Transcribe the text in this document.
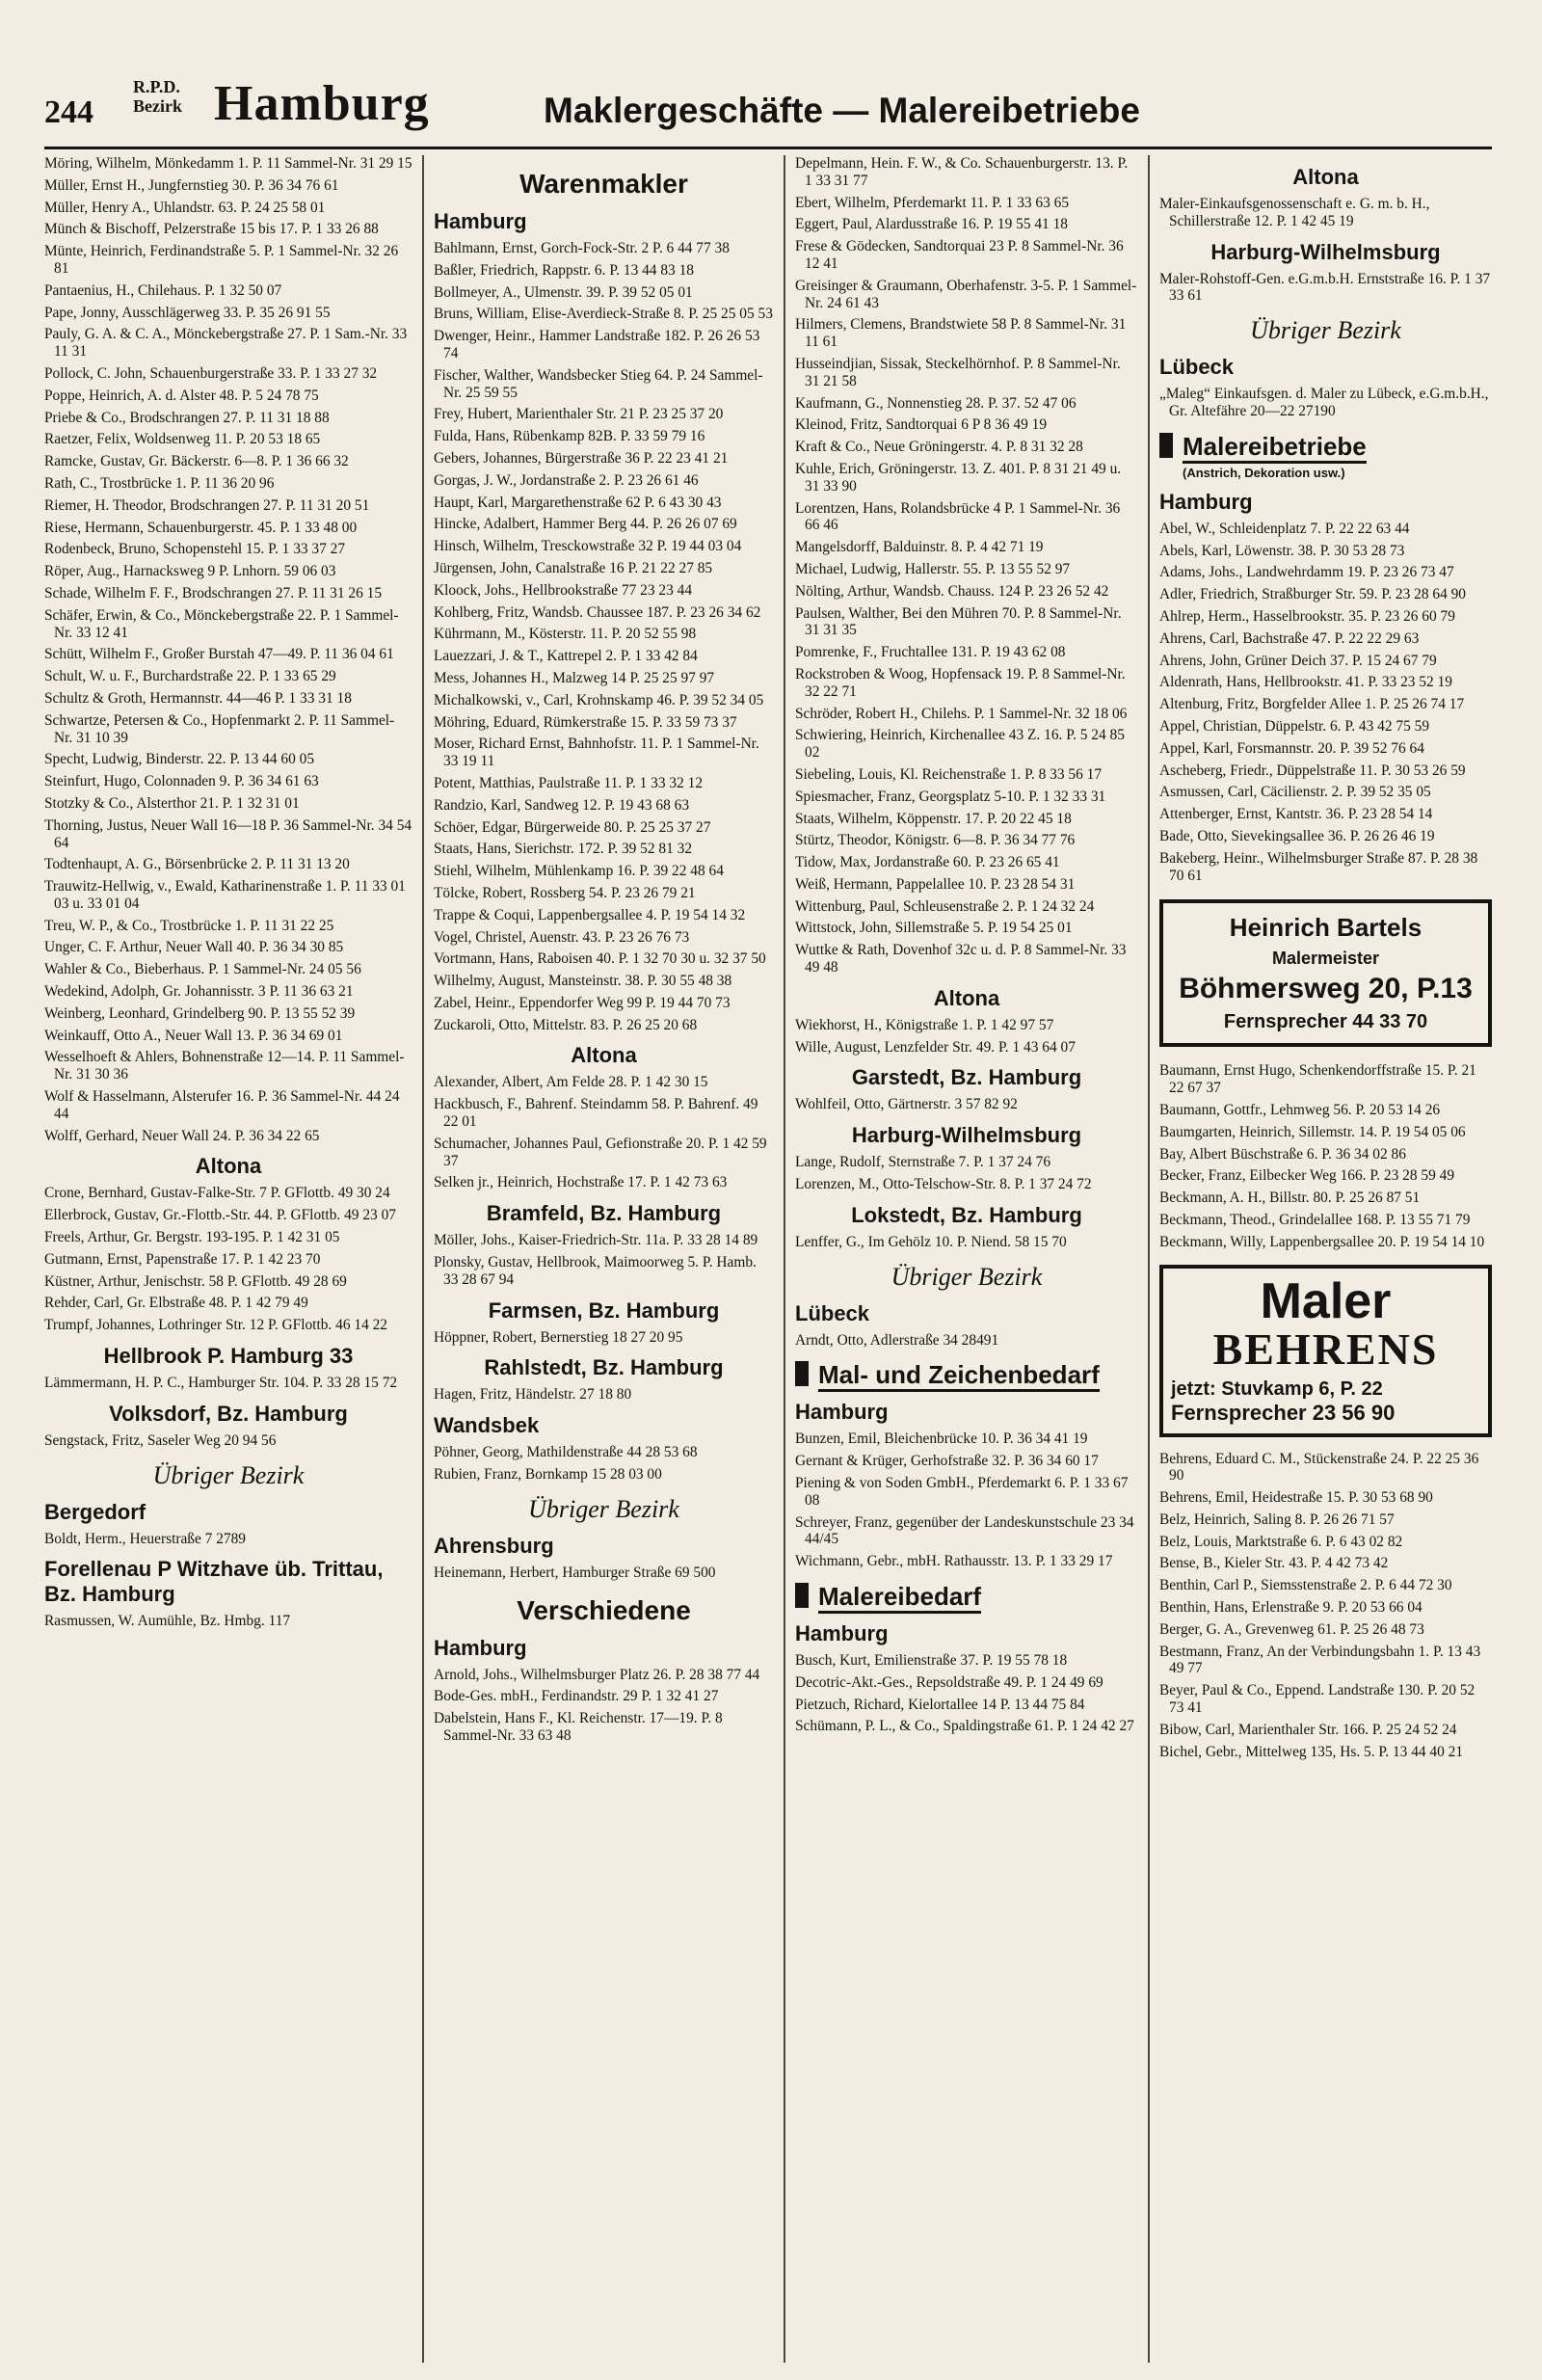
244
R.P.D.
Bezirk Hamburg	Maklergeschäfte — Malereibetriebe
Möring, Wilhelm, Mönkedamm 1. P. 11 Sammel-Nr. 31 29 15
Müller, Ernst H., Jungfernstieg 30. P. 36 34 76 61
Müller, Henry A., Uhlandstr. 63. P. 24 25 58 01
Münch & Bischoff, Pelzerstraße 15 bis 17. P. 1 33 26 88
Münte, Heinrich, Ferdinandstraße 5. P. 1 Sammel-Nr. 32 26 81
Pantaenius, H., Chilehaus. P. 1 32 50 07
Pape, Jonny, Ausschlägerweg 33. P. 35 26 91 55
Pauly, G. A. & C. A., Mönckebergstraße 27. P. 1 Sam.-Nr. 33 11 31
Pollock, C. John, Schauenburgerstraße 33. P. 1 33 27 32
Poppe, Heinrich, A. d. Alster 48. P. 5 24 78 75
Priebe & Co., Brodschrangen 27. P. 11 31 18 88
Raetzer, Felix, Woldsenweg 11. P. 20 53 18 65
Ramcke, Gustav, Gr. Bäckerstr. 6—8. P. 1 36 66 32
Rath, C., Trostbrücke 1. P. 11 36 20 96
Riemer, H. Theodor, Brodschrangen 27. P. 11 31 20 51
Riese, Hermann, Schauenburgerstr. 45. P. 1 33 48 00
Rodenbeck, Bruno, Schopenstehl 15. P. 1 33 37 27
Röper, Aug., Harnacksweg 9 P. Lnhorn. 59 06 03
Schade, Wilhelm F. F., Brodschrangen 27. P. 11 31 26 15
Schäfer, Erwin, & Co., Mönckebergstraße 22. P. 1 Sammel-Nr. 33 12 41
Schütt, Wilhelm F., Großer Burstah 47—49. P. 11 36 04 61
Schult, W. u. F., Burchardstraße 22. P. 1 33 65 29
Schultz & Groth, Hermannstr. 44—46 P. 1 33 31 18
Schwartze, Petersen & Co., Hopfenmarkt 2. P. 11 Sammel-Nr. 31 10 39
Specht, Ludwig, Binderstr. 22. P. 13 44 60 05
Steinfurt, Hugo, Colonnaden 9. P. 36 34 61 63
Stotzky & Co., Alsterthor 21. P. 1 32 31 01
Thorning, Justus, Neuer Wall 16—18 P. 36 Sammel-Nr. 34 54 64
Todtenhaupt, A. G., Börsenbrücke 2. P. 11 31 13 20
Trauwitz-Hellwig, v., Ewald, Katharinenstraße 1. P. 11 33 01 03 u. 33 01 04
Treu, W. P., & Co., Trostbrücke 1. P. 11 31 22 25
Unger, C. F. Arthur, Neuer Wall 40. P. 36 34 30 85
Wahler & Co., Bieberhaus. P. 1 Sammel-Nr. 24 05 56
Wedekind, Adolph, Gr. Johannisstr. 3 P. 11 36 63 21
Weinberg, Leonhard, Grindelberg 90. P. 13 55 52 39
Weinkauff, Otto A., Neuer Wall 13. P. 36 34 69 01
Wesselhoeft & Ahlers, Bohnenstraße 12—14. P. 11 Sammel-Nr. 31 30 36
Wolf & Hasselmann, Alsterufer 16. P. 36 Sammel-Nr. 44 24 44
Wolff, Gerhard, Neuer Wall 24. P. 36 34 22 65
Altona
Crone, Bernhard, Gustav-Falke-Str. 7 P. GFlottb. 49 30 24
Ellerbrock, Gustav, Gr.-Flottb.-Str. 44. P. GFlottb. 49 23 07
Freels, Arthur, Gr. Bergstr. 193-195. P. 1 42 31 05
Gutmann, Ernst, Papenstraße 17. P. 1 42 23 70
Küstner, Arthur, Jenischstr. 58 P. GFlottb. 49 28 69
Rehder, Carl, Gr. Elbstraße 48. P. 1 42 79 49
Trumpf, Johannes, Lothringer Str. 12 P. GFlottb. 46 14 22
Hellbrook P. Hamburg 33
Lämmermann, H. P. C., Hamburger Str. 104. P. 33 28 15 72
Volksdorf, Bz. Hamburg
Sengstack, Fritz, Saseler Weg 20 94 56
Übriger Bezirk
Bergedorf
Boldt, Herm., Heuerstraße 7 2789
Forellenau P Witzhave üb. Trittau, Bz. Hamburg
Rasmussen, W. Aumühle, Bz. Hmbg. 117
Warenmakler
Hamburg
Bahlmann, Ernst, Gorch-Fock-Str. 2 P. 6 44 77 38
Baßler, Friedrich, Rappstr. 6. P. 13 44 83 18
Bollmeyer, A., Ulmenstr. 39. P. 39 52 05 01
Bruns, William, Elise-Averdieck-Straße 8. P. 25 25 05 53
Dwenger, Heinr., Hammer Landstraße 182. P. 26 26 53 74
Fischer, Walther, Wandsbecker Stieg 64. P. 24 Sammel-Nr. 25 59 55
Frey, Hubert, Marienthaler Str. 21 P. 23 25 37 20
Fulda, Hans, Rübenkamp 82B. P. 33 59 79 16
Gebers, Johannes, Bürgerstraße 36 P. 22 23 41 21
Gorgas, J. W., Jordanstraße 2. P. 23 26 61 46
Haupt, Karl, Margarethenstraße 62 P. 6 43 30 43
Hincke, Adalbert, Hammer Berg 44. P. 26 26 07 69
Hinsch, Wilhelm, Tresckowstraße 32 P. 19 44 03 04
Jürgensen, John, Canalstraße 16 P. 21 22 27 85
Kloock, Johs., Hellbrookstraße 77 23 23 44
Kohlberg, Fritz, Wandsb. Chaussee 187. P. 23 26 34 62
Kührmann, M., Kösterstr. 11. P. 20 52 55 98
Lauezzari, J. & T., Kattrepel 2. P. 1 33 42 84
Mess, Johannes H., Malzweg 14 P. 25 25 97 97
Michalkowski, v., Carl, Krohnskamp 46. P. 39 52 34 05
Möhring, Eduard, Rümkerstraße 15. P. 33 59 73 37
Moser, Richard Ernst, Bahnhofstr. 11. P. 1 Sammel-Nr. 33 19 11
Potent, Matthias, Paulstraße 11. P. 1 33 32 12
Randzio, Karl, Sandweg 12. P. 19 43 68 63
Schöer, Edgar, Bürgerweide 80. P. 25 25 37 27
Staats, Hans, Sierichstr. 172. P. 39 52 81 32
Stiehl, Wilhelm, Mühlenkamp 16. P. 39 22 48 64
Tölcke, Robert, Rossberg 54. P. 23 26 79 21
Trappe & Coqui, Lappenbergsallee 4. P. 19 54 14 32
Vogel, Christel, Auenstr. 43. P. 23 26 76 73
Vortmann, Hans, Raboisen 40. P. 1 32 70 30 u. 32 37 50
Wilhelmy, August, Mansteinstr. 38. P. 30 55 48 38
Zabel, Heinr., Eppendorfer Weg 99 P. 19 44 70 73
Zuckaroli, Otto, Mittelstr. 83. P. 26 25 20 68
Altona
Alexander, Albert, Am Felde 28. P. 1 42 30 15
Hackbusch, F., Bahrenf. Steindamm 58. P. Bahrenf. 49 22 01
Schumacher, Johannes Paul, Gefionstraße 20. P. 1 42 59 37
Selken jr., Heinrich, Hochstraße 17. P. 1 42 73 63
Bramfeld, Bz. Hamburg
Möller, Johs., Kaiser-Friedrich-Str. 11a. P. 33 28 14 89
Plonsky, Gustav, Hellbrook, Maimoorweg 5. P. Hamb. 33 28 67 94
Farmsen, Bz. Hamburg
Höppner, Robert, Bernerstieg 18 27 20 95
Rahlstedt, Bz. Hamburg
Hagen, Fritz, Händelstr. 27 18 80
Wandsbek
Pöhner, Georg, Mathildenstraße 44 28 53 68
Rubien, Franz, Bornkamp 15 28 03 00
Übriger Bezirk
Ahrensburg
Heinemann, Herbert, Hamburger Straße 69 500
Verschiedene
Hamburg
Arnold, Johs., Wilhelmsburger Platz 26. P. 28 38 77 44
Bode-Ges. mbH., Ferdinandstr. 29 P. 1 32 41 27
Dabelstein, Hans F., Kl. Reichenstr. 17—19. P. 8 Sammel-Nr. 33 63 48
Depelmann, Hein. F. W., & Co. Schauenburgerstr. 13. P. 1 33 31 77
Ebert, Wilhelm, Pferdemarkt 11. P. 1 33 63 65
Eggert, Paul, Alardusstraße 16. P. 19 55 41 18
Frese & Gödecken, Sandtorquai 23 P. 8 Sammel-Nr. 36 12 41
Greisinger & Graumann, Oberhafenstr. 3-5. P. 1 Sammel-Nr. 24 61 43
Hilmers, Clemens, Brandstwiete 58 P. 8 Sammel-Nr. 31 11 61
Husseindjian, Sissak, Steckelhörnhof. P. 8 Sammel-Nr. 31 21 58
Kaufmann, G., Nonnenstieg 28. P. 37. 52 47 06
Kleinod, Fritz, Sandtorquai 6 P 8 36 49 19
Kraft & Co., Neue Gröningerstr. 4. P. 8 31 32 28
Kuhle, Erich, Gröningerstr. 13. Z. 401. P. 8 31 21 49 u. 31 33 90
Lorentzen, Hans, Rolandsbrücke 4 P. 1 Sammel-Nr. 36 66 46
Mangelsdorff, Balduinstr. 8. P. 4 42 71 19
Michael, Ludwig, Hallerstr. 55. P. 13 55 52 97
Nölting, Arthur, Wandsb. Chauss. 124 P. 23 26 52 42
Paulsen, Walther, Bei den Mühren 70. P. 8 Sammel-Nr. 31 31 35
Pomrenke, F., Fruchtallee 131. P. 19 43 62 08
Rockstroben & Woog, Hopfensack 19. P. 8 Sammel-Nr. 32 22 71
Schröder, Robert H., Chilehs. P. 1 Sammel-Nr. 32 18 06
Schwiering, Heinrich, Kirchenallee 43 Z. 16. P. 5 24 85 02
Siebeling, Louis, Kl. Reichenstraße 1. P. 8 33 56 17
Spiesmacher, Franz, Georgsplatz 5-10. P. 1 32 33 31
Staats, Wilhelm, Köppenstr. 17. P. 20 22 45 18
Stürtz, Theodor, Königstr. 6—8. P. 36 34 77 76
Tidow, Max, Jordanstraße 60. P. 23 26 65 41
Weiß, Hermann, Pappelallee 10. P. 23 28 54 31
Wittenburg, Paul, Schleusenstraße 2. P. 1 24 32 24
Wittstock, John, Sillemstraße 5. P. 19 54 25 01
Wuttke & Rath, Dovenhof 32c u. d. P. 8 Sammel-Nr. 33 49 48
Altona
Wiekhorst, H., Königstraße 1. P. 1 42 97 57
Wille, August, Lenzfelder Str. 49. P. 1 43 64 07
Garstedt, Bz. Hamburg
Wohlfeil, Otto, Gärtnerstr. 3 57 82 92
Harburg-Wilhelmsburg
Lange, Rudolf, Sternstraße 7. P. 1 37 24 76
Lorenzen, M., Otto-Telschow-Str. 8. P. 1 37 24 72
Lokstedt, Bz. Hamburg
Lenffer, G., Im Gehölz 10. P. Niend. 58 15 70
Übriger Bezirk
Lübeck
Arndt, Otto, Adlerstraße 34 28491
Mal- und Zeichenbedarf
Hamburg
Bunzen, Emil, Bleichenbrücke 10. P. 36 34 41 19
Gernant & Krüger, Gerhofstraße 32. P. 36 34 60 17
Piening & von Soden GmbH., Pferdemarkt 6. P. 1 33 67 08
Schreyer, Franz, gegenüber der Landeskunstschule 23 34 44/45
Wichmann, Gebr., mbH. Rathausstr. 13. P. 1 33 29 17
Malereibedarf
Hamburg
Busch, Kurt, Emilienstraße 37. P. 19 55 78 18
Decotric-Akt.-Ges., Repsoldstraße 49. P. 1 24 49 69
Pietzuch, Richard, Kielortallee 14 P. 13 44 75 84
Schümann, P. L., & Co., Spaldingstraße 61. P. 1 24 42 27
Altona
Maler-Einkaufsgenossenschaft e. G. m. b. H., Schillerstraße 12. P. 1 42 45 19
Harburg-Wilhelmsburg
Maler-Rohstoff-Gen. e.G.m.b.H. Ernststraße 16. P. 1 37 33 61
Übriger Bezirk
Lübeck
„Maleg“ Einkaufsgen. d. Maler zu Lübeck, e.G.m.b.H., Gr. Altefähre 20—22 27190
Malereibetriebe
(Anstrich, Dekoration usw.)
Hamburg
Abel, W., Schleidenplatz 7. P. 22 22 63 44
Abels, Karl, Löwenstr. 38. P. 30 53 28 73
Adams, Johs., Landwehrdamm 19. P. 23 26 73 47
Adler, Friedrich, Straßburger Str. 59. P. 23 28 64 90
Ahlrep, Herm., Hasselbrookstr. 35. P. 23 26 60 79
Ahrens, Carl, Bachstraße 47. P. 22 22 29 63
Ahrens, John, Grüner Deich 37. P. 15 24 67 79
Aldenrath, Hans, Hellbrookstr. 41. P. 33 23 52 19
Altenburg, Fritz, Borgfelder Allee 1. P. 25 26 74 17
Appel, Christian, Düppelstr. 6. P. 43 42 75 59
Appel, Karl, Forsmannstr. 20. P. 39 52 76 64
Ascheberg, Friedr., Düppelstraße 11. P. 30 53 26 59
Asmussen, Carl, Cäcilienstr. 2. P. 39 52 35 05
Attenberger, Ernst, Kantstr. 36. P. 23 28 54 14
Bade, Otto, Sievekingsallee 36. P. 26 26 46 19
Bakeberg, Heinr., Wilhelmsburger Straße 87. P. 28 38 70 61
Heinrich Bartels
Malermeister
Böhmersweg 20, P.13
Fernsprecher 44 33 70
Baumann, Ernst Hugo, Schenkendorffstraße 15. P. 21 22 67 37
Baumann, Gottfr., Lehmweg 56. P. 20 53 14 26
Baumgarten, Heinrich, Sillemstr. 14. P. 19 54 05 06
Bay, Albert Büschstraße 6. P. 36 34 02 86
Becker, Franz, Eilbecker Weg 166. P. 23 28 59 49
Beckmann, A. H., Billstr. 80. P. 25 26 87 51
Beckmann, Theod., Grindelallee 168. P. 13 55 71 79
Beckmann, Willy, Lappenbergsallee 20. P. 19 54 14 10
Maler
BEHRENS
jetzt: Stuvkamp 6, P. 22
Fernsprecher 23 56 90
Behrens, Eduard C. M., Stückenstraße 24. P. 22 25 36 90
Behrens, Emil, Heidestraße 15. P. 30 53 68 90
Belz, Heinrich, Saling 8. P. 26 26 71 57
Belz, Louis, Marktstraße 6. P. 6 43 02 82
Bense, B., Kieler Str. 43. P. 4 42 73 42
Benthin, Carl P., Siemsstenstraße 2. P. 6 44 72 30
Benthin, Hans, Erlenstraße 9. P. 20 53 66 04
Berger, G. A., Grevenweg 61. P. 25 26 48 73
Bestmann, Franz, An der Verbindungsbahn 1. P. 13 43 49 77
Beyer, Paul & Co., Eppend. Landstraße 130. P. 20 52 73 41
Bibow, Carl, Marienthaler Str. 166. P. 25 24 52 24
Bichel, Gebr., Mittelweg 135, Hs. 5. P. 13 44 40 21
